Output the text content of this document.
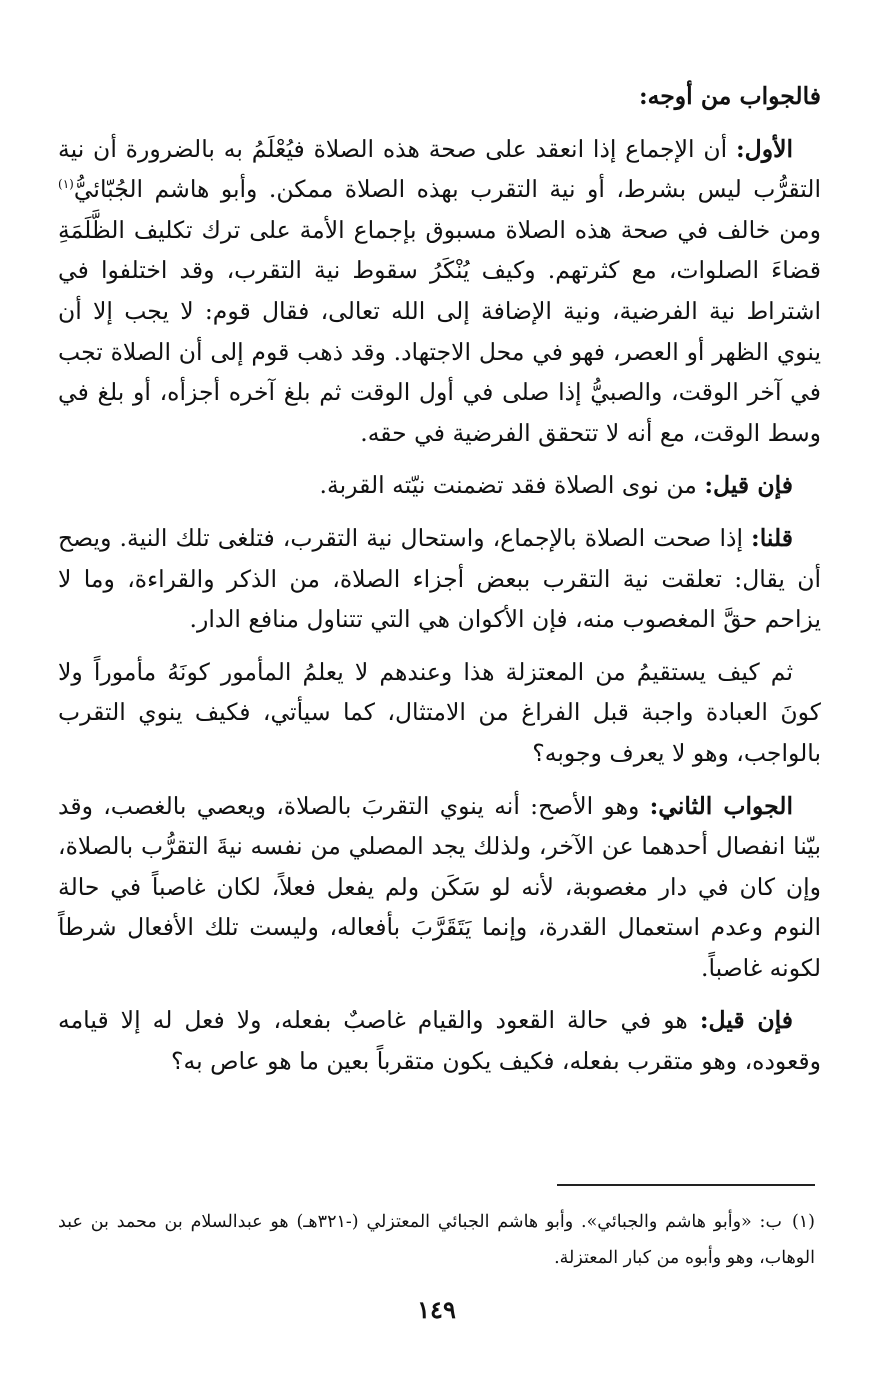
فالجواب من أوجه:

الأول: أن الإجماع إذا انعقد على صحة هذه الصلاة فيُعْلَمُ به بالضرورة أن نية التقرُّب ليس بشرط، أو نية التقرب بهذه الصلاة ممكن. وأبو هاشم الجُبّائيُّ$^{(١)}$ ومن خالف في صحة هذه الصلاة مسبوق بإجماع الأمة على ترك تكليف الظَّلَمَةِ قضاءَ الصلوات، مع كثرتهم. وكيف يُنْكَرُ سقوط نية التقرب، وقد اختلفوا في اشتراط نية الفرضية، ونية الإضافة إلى الله تعالى، فقال قوم: لا يجب إلا أن ينوي الظهر أو العصر، فهو في محل الاجتهاد. وقد ذهب قوم إلى أن الصلاة تجب في آخر الوقت، والصبيُّ إذا صلى في أول الوقت ثم بلغ آخره أجزأه، أو بلغ في وسط الوقت، مع أنه لا تتحقق الفرضية في حقه.

فإن قيل: من نوى الصلاة فقد تضمنت نيّته القربة.

قلنا: إذا صحت الصلاة بالإجماع، واستحال نية التقرب، فتلغى تلك النية. ويصح أن يقال: تعلقت نية التقرب ببعض أجزاء الصلاة، من الذكر والقراءة، وما لا يزاحم حقَّ المغصوب منه، فإن الأكوان هي التي تتناول منافع الدار.

ثم كيف يستقيمُ من المعتزلة هذا وعندهم لا يعلمُ المأمور كونَهُ مأموراً ولا كونَ العبادة واجبة قبل الفراغ من الامتثال، كما سيأتي، فكيف ينوي التقرب بالواجب، وهو لا يعرف وجوبه؟

الجواب الثاني: وهو الأصح: أنه ينوي التقربَ بالصلاة، ويعصي بالغصب، وقد بيّنا انفصال أحدهما عن الآخر، ولذلك يجد المصلي من نفسه نيةَ التقرُّب بالصلاة، وإن كان في دار مغصوبة، لأنه لو سَكَن ولم يفعل فعلاً، لكان غاصباً في حالة النوم وعدم استعمال القدرة، وإنما يَتَقَرَّبَ بأفعاله، وليست تلك الأفعال شرطاً لكونه غاصباً.

فإن قيل: هو في حالة القعود والقيام غاصبٌ بفعله، ولا فعل له إلا قيامه وقعوده، وهو متقرب بفعله، فكيف يكون متقرباً بعين ما هو عاص به؟

(١)ب: «وأبو هاشم والجبائي». وأبو هاشم الجبائي المعتزلي (-٣٢١هـ) هو عبدالسلام بن محمد بن عبد الوهاب، وهو وأبوه من كبار المعتزلة.
١٤٩
